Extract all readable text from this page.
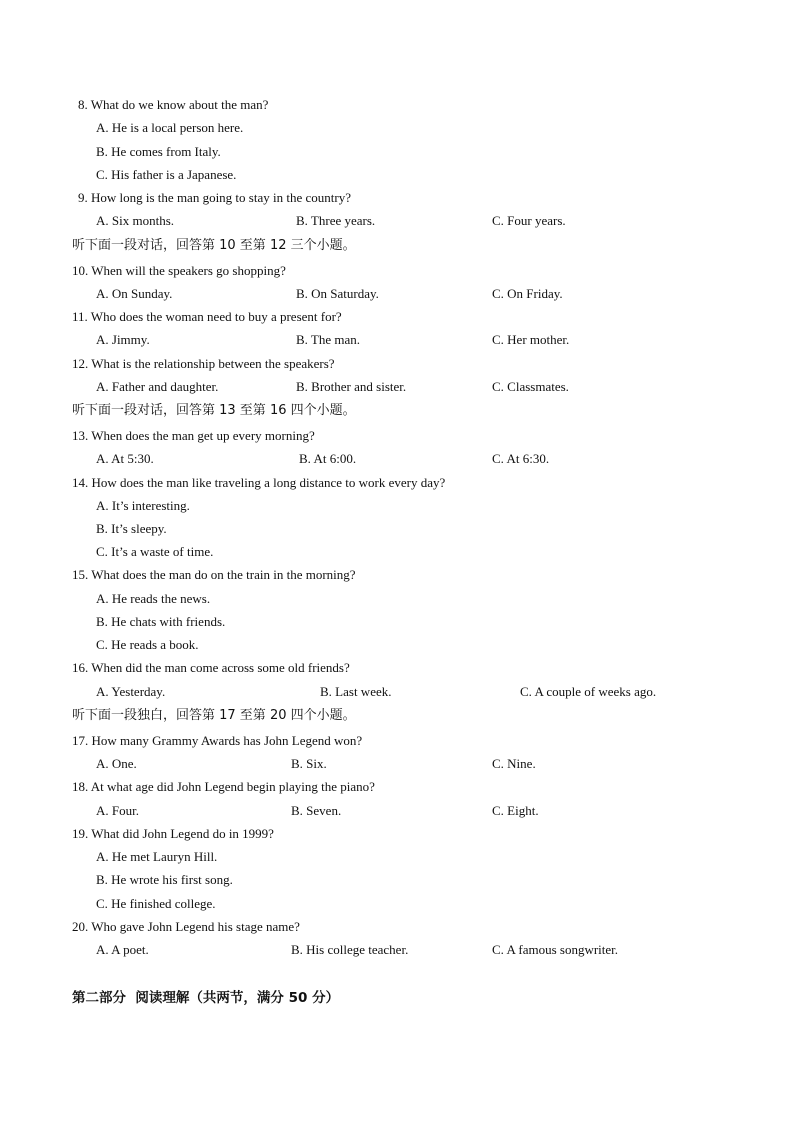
8. What do we know about the man?
A. He is a local person here.
B. He comes from Italy.
C. His father is a Japanese.
9. How long is the man going to stay in the country?
A. Six months.	B. Three years.	C. Four years.
听下面一段对话，回答第 10 至第 12 三个小题。
10. When will the speakers go shopping?
A. On Sunday.	B. On Saturday.	C. On Friday.
11. Who does the woman need to buy a present for?
A. Jimmy.	B. The man.	C. Her mother.
12. What is the relationship between the speakers?
A. Father and daughter.	B. Brother and sister.	C. Classmates.
听下面一段对话，回答第 13 至第 16 四个小题。
13. When does the man get up every morning?
A. At 5:30.	B. At 6:00.	C. At 6:30.
14. How does the man like traveling a long distance to work every day?
A. It’s interesting.
B. It’s sleepy.
C. It’s a waste of time.
15. What does the man do on the train in the morning?
A. He reads the news.
B. He chats with friends.
C. He reads a book.
16. When did the man come across some old friends?
A. Yesterday.	B. Last week.	C. A couple of weeks ago.
听下面一段独白，回答第 17 至第 20 四个小题。
17. How many Grammy Awards has John Legend won?
A. One.	B. Six.	C. Nine.
18. At what age did John Legend begin playing the piano?
A. Four.	B. Seven.	C. Eight.
19. What did John Legend do in 1999?
A. He met Lauryn Hill.
B. He wrote his first song.
C. He finished college.
20. Who gave John Legend his stage name?
A. A poet.	B. His college teacher.	C. A famous songwriter.
第二部分  阅读理解（共两节，满分 50 分）
